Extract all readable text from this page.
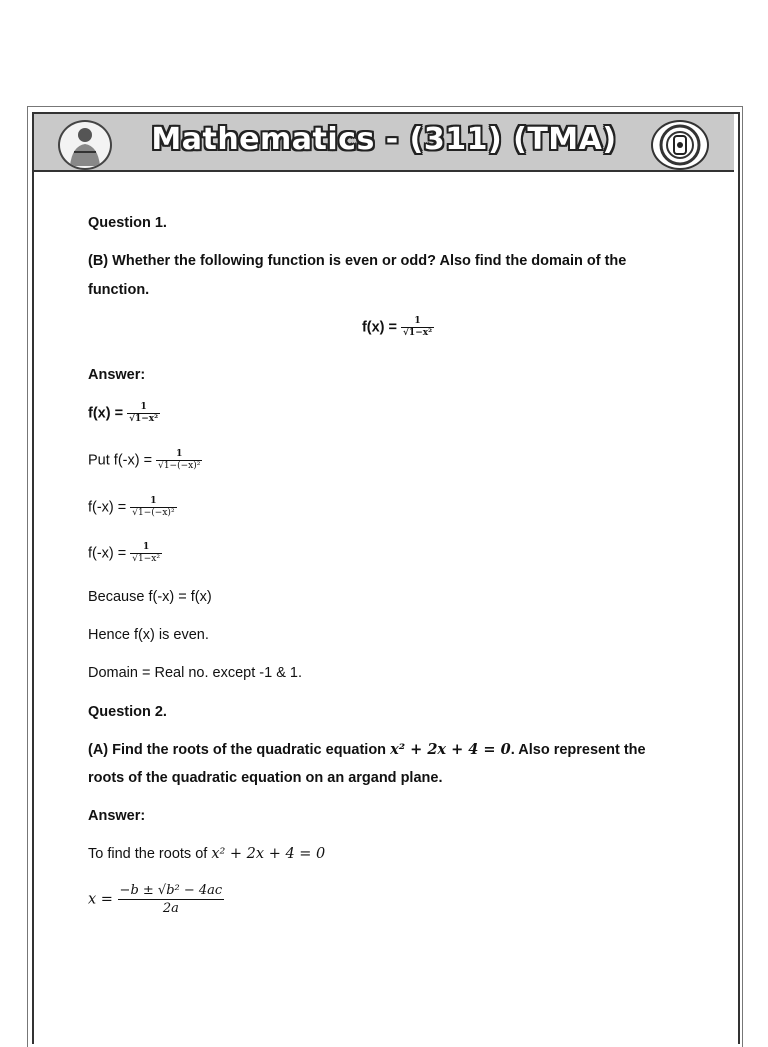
Mathematics - (311) (TMA)
Question 1.
(B) Whether the following function is even or odd? Also find the domain of the
function.
$f(x) = \frac{1}{\text{√1−x²}}$
Answer:
$f(x) = \frac{1}{\text{√1−x²}}$
Put $f(-x) = \frac{1}{\text{√1−(−x)²}}$
$f(-x) = \frac{1}{\text{√1−(−x)²}}$
$f(-x) = \frac{1}{\text{√1−x²}}$
Because f(-x) = f(x)
Hence f(x) is even.
Domain = Real no. except -1 & 1.
Question 2.
(A) Find the roots of the quadratic equation x² + 2x + 4 = 0. Also represent the
roots of the quadratic equation on an argand plane.
Answer:
To find the roots of x² + 2x + 4 = 0
$x = \frac{\text{−b ± √b² − 4ac}}{2a}$
